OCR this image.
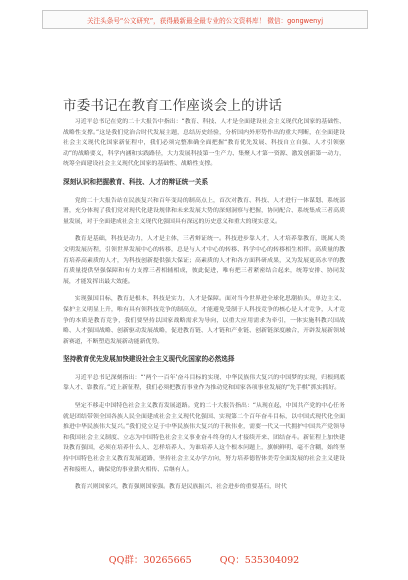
关注头条号“公文研究”，获得最新最全最专业的公文资料库！ 微信：gongwenyj
市委书记在教育工作座谈会上的讲话

习近平总书记在党的二十大报告中指出：“教育、科技、人才是全面建设社会主义现代化国家的基础性、战略性支撑。”这是我们党治合时代发展主题，总结历史经验，分析国内外形势作出的重大判断，在全面建设社会主义现代化国家新征程中，我们必须完整准确全面把握“教育优先发展、科技自立自强、人才引领驱动”的战略要义，科学内涵和实践路径，大力发展科技第一生产力、集聚人才第一资源、激发创新第一动力，统筹全面建设社会主义现代化国家的基础性、战略性支撑。

深刻认识和把握教育、科技、人才的辩证统一关系

党的二十大报告站在民族复兴和百年变局的制高点上，首次对教育、科技、人才进行一体谋划、系统部署，充分体现了我们党对现代化建设规律和未来发展大势的深刻洞察与把握，协同配合、系统集成三者高质量发展，对于全面建成社会主义现代化强国具有深远的历史意义和重大的现实意义。

教育是基础，科技是动力，人才是主体，三者辩证统一。科技进步靠人才，人才培养靠教育，既属人类文明发展历程，引领世界发展中心的转移，总是与人才中心的转移、科学中心的转移相生相伴。高质量的教育培养高素质的人才，为科技创新提供强大保证；高素质的人才和各方面科研成果，又为发展更高水平的教育质量提供坚强保障和有力支撑三者相辅相成，彼此促进，唯有把三者紧密结合起来，统筹安排、协同发展，才能发挥出最大效能。

实现强国目标，教育是根本，科技是实力，人才是保障。面对当今世界进全球化思潮抬头，单边主义、保护主义明显上升，唯有具有领科技竞争的制高点，才能避免受制于人科技竞争的核心是人才竞争，人才竞争的本质是教育竞争，我们要坚持以国家战略需求为导向，以重大应用需求为牵引，一体实施科教兴国战略、人才强国战略、创新驱动发展战略，促进教育链、人才链和产业链、创新链深度融合，开辟发展新领域新赛道，不断塑造发展新动能新优势。

坚持教育优先发展加快建设社会主义现代化国家的必然选择

习近平总书记深刻指出：“‘两个一百年’奋斗目标的实现、中华民族伟大复兴的中国梦的实现，归根到底靠人才、靠教育。”近上新征程，我们必须把教育事业作为推动党和国家各项事业发展的“先手棋”抓实抓好。

坚定不移走中国特色社会主义教育发展道路。党的二十大报告指出：“从现在起，中国共产党的中心任务就是团结带领全国各族人民全面建成社会主义现代化强国、实现第二个百年奋斗目标，以中国式现代化全面推进中华民族伟大复兴。”我们党立足于中华民族伟大复兴的千秋伟业，需要一代又一代拥护中国共产党领导和我国社会主义制度、立志为中国特色社会主义事业奋斗终身的人才接续开来、团结奋斗。新征程上加快建设教育强国，必须在培养什么人、怎样培养人、为谁培养人这个根本问题上，旗帜鲜明、毫不含糊，始终坚持中国特色社会主义教育发展道路，坚持社会主义办学方向，努力培养德智体美劳全面发展的社会主义建设者和接班人，确保党的事业薪火相传、后继有人。

教育兴则国家兴，教育强则国家强。教育是民族振兴、社会进步的重要基石，时代

QQ群：30265665	QQ：535304092
